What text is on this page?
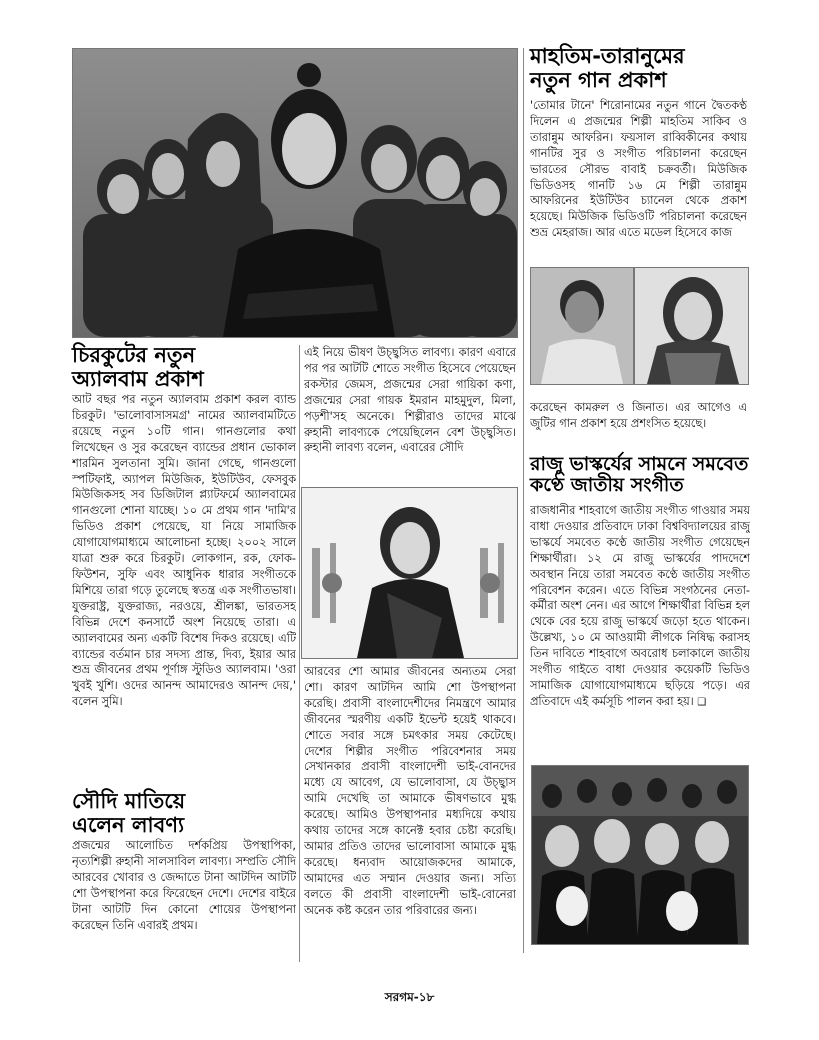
চিরকুটের নতুন
অ্যালবাম প্রকাশ
সৌদি মাতিয়ে
এলেন লাবণ্য
মাহতিম-তারানুমের
নতুন গান প্রকাশ
রাজু ভাস্কর্যের সামনে সমবেত
কণ্ঠে জাতীয় সংগীত

আট বছর পর নতুন অ্যালবাম প্রকাশ করল ব্যান্ড চিরকুট। 'ভালোবাসাসমগ্র' নামের অ্যালবামটিতে রয়েছে নতুন ১০টি গান। গানগুলোর কথা লিখেছেন ও সুর করেছেন ব্যান্ডের প্রধান ভোকাল শারমিন সুলতানা সুমি। জানা গেছে, গানগুলো স্পটিফাই, অ্যাপল মিউজিক, ইউটিউব, ফেসবুক মিউজিকসহ সব ডিজিটাল প্ল্যাটফর্মে অ্যালবামের গানগুলো শোনা যাচ্ছে। ১০ মে প্রথম গান 'দামি'র ভিডিও প্রকাশ পেয়েছে, যা নিয়ে সামাজিক যোগাযোগমাধ্যমে আলোচনা হচ্ছে। ২০০২ সালে যাত্রা শুরু করে চিরকুট। লোকগান, রক, ফোক-ফিউশন, সুফি এবং আধুনিক ধারার সংগীতকে মিশিয়ে তারা গড়ে তুলেছে স্বতন্ত্র এক সংগীতভাষা। যুক্তরাষ্ট্র, যুক্তরাজ্য, নরওয়ে, শ্রীলঙ্কা, ভারতসহ বিভিন্ন দেশে কনসার্টে অংশ নিয়েছে তারা। এ অ্যালবামের অন্য একটি বিশেষ দিকও রয়েছে। এটি ব্যান্ডের বর্তমান চার সদস্য প্রান্ত, দিব্য, ইয়ার আর শুভ্র জীবনের প্রথম পূর্ণাঙ্গ স্টুডিও অ্যালবাম। 'ওরা খুবই খুশি। ওদের আনন্দ আমাদেরও আনন্দ দেয়,' বলেন সুমি।

প্রজন্মের আলোচিত দর্শকপ্রিয় উপস্থাপিকা, নৃত্যশিল্পী রুহানী সালসাবিল লাবণ্য। সম্প্রতি সৌদি আরবের খোবার ও জেদ্দাতে টানা আটদিন আটটি শো উপস্থাপনা করে ফিরেছেন দেশে। দেশের বাইরে টানা আটটি দিন কোনো শোয়ের উপস্থাপনা করেছেন তিনি এবারই প্রথম।

এই নিয়ে ভীষণ উচ্ছ্বসিত লাবণ্য। কারণ এবারে পর পর আটটি শোতে সংগীত হিসেবে পেয়েছেন রকস্টার জেমস, প্রজন্মের সেরা গায়িকা কণা, প্রজন্মের সেরা গায়ক ইমরান মাহমুদুল, মিলা, পড়শী'সহ অনেকে। শিল্পীরাও তাদের মাঝে রুহানী লাবণ্যকে পেয়েছিলেন বেশ উচ্ছ্বসিত। রুহানী লাবণ্য বলেন, এবারের সৌদি

আরবের শো আমার জীবনের অন্যতম সেরা শো। কারণ আটদিন আমি শো উপস্থাপনা করেছি। প্রবাসী বাংলাদেশীদের নিমন্ত্রণে আমার জীবনের স্মরণীয় একটি ইভেন্ট হয়েই থাকবে। শোতে সবার সঙ্গে চমৎকার সময় কেটেছে। দেশের শিল্পীর সংগীত পরিবেশনার সময় সেখানকার প্রবাসী বাংলাদেশী ভাই-বোনদের মধ্যে যে আবেগ, যে ভালোবাসা, যে উচ্ছ্বাস আমি দেখেছি তা আমাকে ভীষণভাবে মুগ্ধ করেছে। আমিও উপস্থাপনার মধ্যদিয়ে কথায় কথায় তাদের সঙ্গে কানেক্ট হবার চেষ্টা করেছি। আমার প্রতিও তাদের ভালোবাসা আমাকে মুগ্ধ করেছে। ধন্যবাদ আয়োজকদের আমাকে, আমাদের এত সম্মান দেওয়ার জন্য। সত্যি বলতে কী প্রবাসী বাংলাদেশী ভাই-বোনেরা অনেক কষ্ট করেন তার পরিবারের জন্য।

'তোমার টানে' শিরোনামের নতুন গানে দ্বৈতকণ্ঠ দিলেন এ প্রজন্মের শিল্পী মাহতিম সাকিব ও তারান্নুম আফরিন। ফয়সাল রাব্বিকীনের কথায় গানটির সুর ও সংগীত পরিচালনা করেছেন ভারতের সৌরভ বাবাই চক্রবর্তী। মিউজিক ভিডিওসহ গানটি ১৬ মে শিল্পী তারান্নুম আফরিনের ইউটিউব চ্যানেল থেকে প্রকাশ হয়েছে। মিউজিক ভিডিওটি পরিচালনা করেছেন শুভ্র মেহরাজ। আর এতে মডেল হিসেবে কাজ

করেছেন কামরুল ও জিনাত। এর আগেও এ জুটির গান প্রকাশ হয়ে প্রশংসিত হয়েছে।

রাজধানীর শাহবাগে জাতীয় সংগীত গাওয়ার সময় বাধা দেওয়ার প্রতিবাদে ঢাকা বিশ্ববিদ্যালয়ের রাজু ভাস্কর্যে সমবেত কণ্ঠে জাতীয় সংগীত গেয়েছেন শিক্ষার্থীরা। ১২ মে রাজু ভাস্কর্যের পাদদেশে অবস্থান নিয়ে তারা সমবেত কণ্ঠে জাতীয় সংগীত পরিবেশন করেন। এতে বিভিন্ন সংগঠনের নেতা-কর্মীরা অংশ নেন। এর আগে শিক্ষার্থীরা বিভিন্ন হল থেকে বের হয়ে রাজু ভাস্কর্যে জড়ো হতে থাকেন। উল্লেখ্য, ১০ মে আওয়ামী লীগকে নিষিদ্ধ করাসহ তিন দাবিতে শাহবাগে অবরোধ চলাকালে জাতীয় সংগীত গাইতে বাধা দেওয়ার কয়েকটি ভিডিও সামাজিক যোগাযোগমাধ্যমে ছড়িয়ে পড়ে। এর প্রতিবাদে এই কর্মসূচি পালন করা হয়। ❑

সরগম-১৮
